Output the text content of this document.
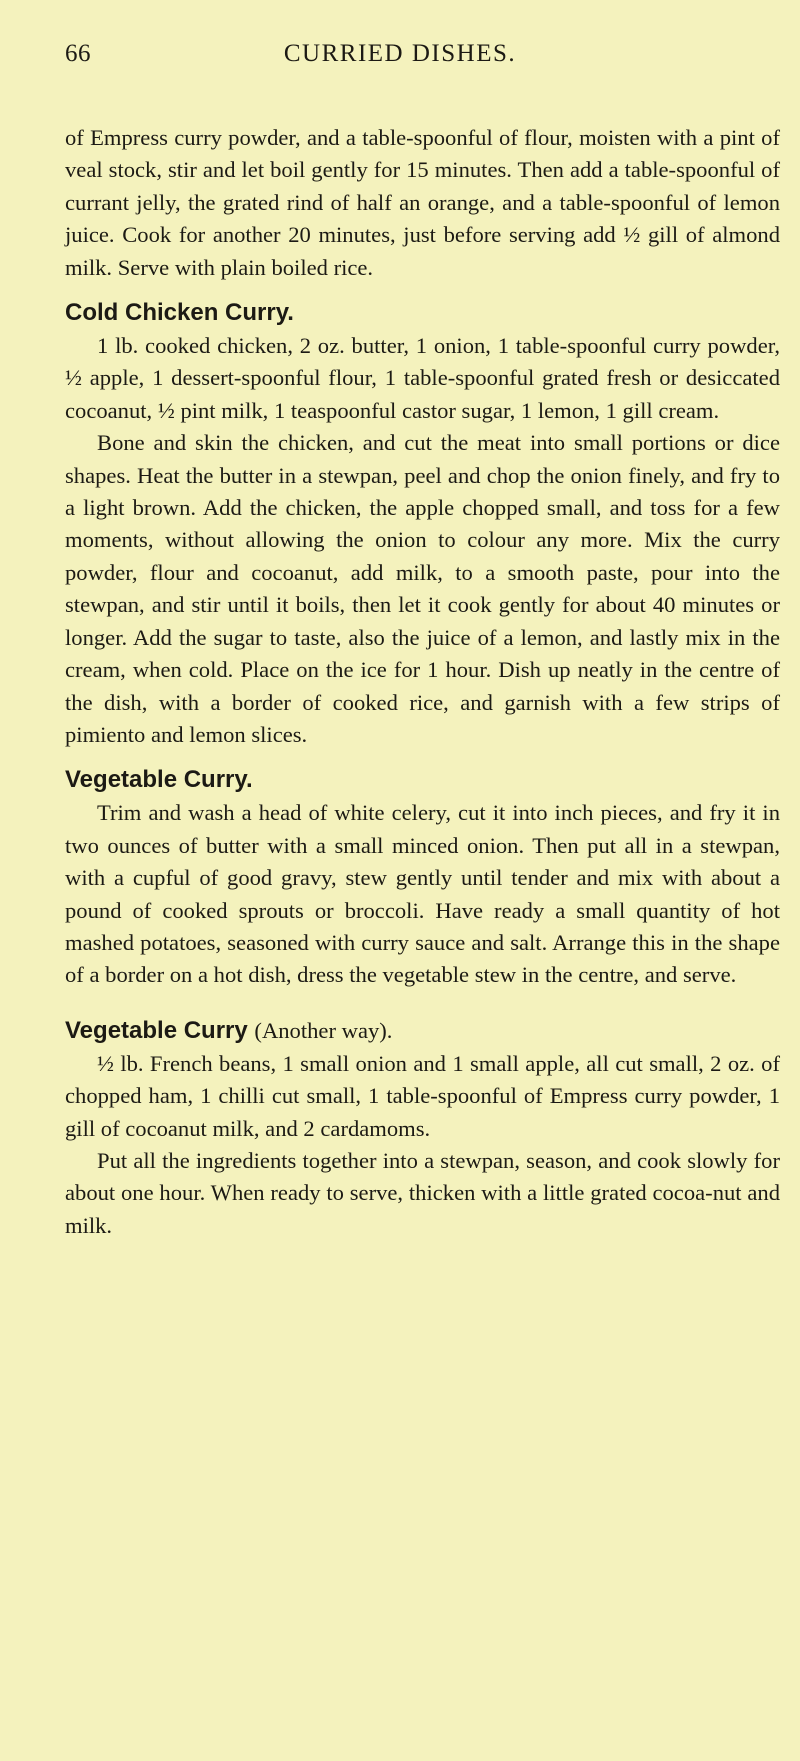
66	CURRIED DISHES.

of Empress curry powder, and a table-spoonful of flour, moisten with a pint of veal stock, stir and let boil gently for 15 minutes. Then add a table-spoonful of currant jelly, the grated rind of half an orange, and a table-spoonful of lemon juice. Cook for another 20 minutes, just before serving add ½ gill of almond milk. Serve with plain boiled rice.

Cold Chicken Curry.

1 lb. cooked chicken, 2 oz. butter, 1 onion, 1 table-spoonful curry powder, ½ apple, 1 dessert-spoonful flour, 1 table-spoonful grated fresh or desiccated cocoanut, ½ pint milk, 1 teaspoonful castor sugar, 1 lemon, 1 gill cream.

Bone and skin the chicken, and cut the meat into small portions or dice shapes. Heat the butter in a stewpan, peel and chop the onion finely, and fry to a light brown. Add the chicken, the apple chopped small, and toss for a few moments, without allowing the onion to colour any more. Mix the curry powder, flour and cocoanut, add milk, to a smooth paste, pour into the stewpan, and stir until it boils, then let it cook gently for about 40 minutes or longer. Add the sugar to taste, also the juice of a lemon, and lastly mix in the cream, when cold. Place on the ice for 1 hour. Dish up neatly in the centre of the dish, with a border of cooked rice, and garnish with a few strips of pimiento and lemon slices.

Vegetable Curry.

Trim and wash a head of white celery, cut it into inch pieces, and fry it in two ounces of butter with a small minced onion. Then put all in a stewpan, with a cupful of good gravy, stew gently until tender and mix with about a pound of cooked sprouts or broccoli. Have ready a small quantity of hot mashed potatoes, seasoned with curry sauce and salt. Arrange this in the shape of a border on a hot dish, dress the vegetable stew in the centre, and serve.

Vegetable Curry (Another way).

½ lb. French beans, 1 small onion and 1 small apple, all cut small, 2 oz. of chopped ham, 1 chilli cut small, 1 table-spoonful of Empress curry powder, 1 gill of cocoanut milk, and 2 cardamoms.

Put all the ingredients together into a stewpan, season, and cook slowly for about one hour. When ready to serve, thicken with a little grated cocoa-nut and milk.
